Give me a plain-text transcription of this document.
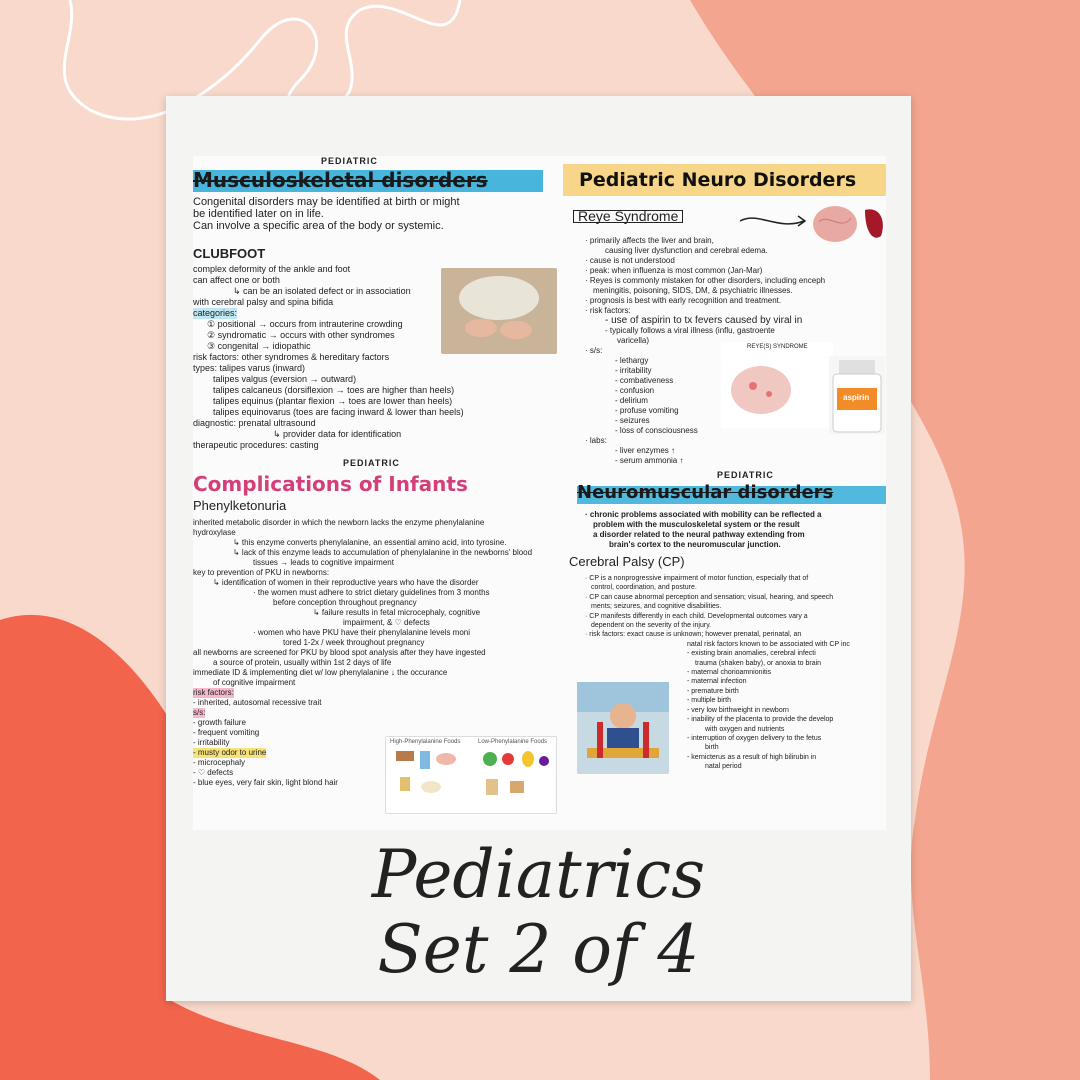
PEDIATRIC
Musculoskeletal disorders
Congenital disorders may be identified at birth or might
be identified later on in life.
Can involve a specific area of the body or systemic.
CLUBFOOT
complex deformity of the ankle and foot
can affect one or both
↳ can be an isolated defect or in association
with cerebral palsy and spina bifida
categories:
① positional → occurs from intrauterine crowding
② syndromatic → occurs with other syndromes
③ congenital → idiopathic
risk factors: other syndromes & hereditary factors
types: talipes varus (inward)
talipes valgus (eversion → outward)
talipes calcaneus (dorsiflexion → toes are higher than heels)
talipes equinus (plantar flexion → toes are lower than heels)
talipes equinovarus (toes are facing inward & lower than heels)
diagnostic: prenatal ultrasound
↳ provider data for identification
therapeutic procedures: casting
PEDIATRIC
Complications of Infants
Phenylketonuria
inherited metabolic disorder in which the newborn lacks the enzyme phenylalanine
hydroxylase
↳ this enzyme converts phenylalanine, an essential amino acid, into tyrosine.
↳ lack of this enzyme leads to accumulation of phenylalanine in the newborns' blood
tissues → leads to cognitive impairment
key to prevention of PKU in newborns:
↳ identification of women in their reproductive years who have the disorder
· the women must adhere to strict dietary guidelines from 3 months
before conception throughout pregnancy
↳ failure results in fetal microcephaly, cognitive
impairment, & ♡ defects
· women who have PKU have their phenylalanine levels moni
tored 1-2x / week throughout pregnancy
all newborns are screened for PKU by blood spot analysis after they have ingested
a source of protein, usually within 1st 2 days of life
immediate ID & implementing diet w/ low phenylalanine ↓ the occurance
of cognitive impairment
risk factors:
- inherited, autosomal recessive trait
s/s:
- growth failure
- frequent vomiting
- irritability
- musty odor to urine
- microcephaly
- ♡ defects
- blue eyes, very fair skin, light blond hair
High-Phenylalanine Foods	Low-Phenylalanine Foods
Pediatric Neuro Disorders
Reye Syndrome
· primarily affects the liver and brain,
causing liver dysfunction and cerebral edema.
· cause is not understood
· peak: when influenza is most common (Jan-Mar)
· Reyes is commonly mistaken for other disorders, including enceph
meningitis, poisoning, SIDS, DM, & psychiatric illnesses.
· prognosis is best with early recognition and treatment.
· risk factors:
- use of aspirin to tx fevers caused by viral in
- typically follows a viral illness (influ, gastroente
varicella)
· s/s:
- lethargy
- irritability
- combativeness
- confusion
- delirium
- profuse vomiting
- seizures
- loss of consciousness
· labs:
- liver enzymes ↑
- serum ammonia ↑
REYE(S) SYNDROME
aspirin
PEDIATRIC
Neuromuscular disorders
· chronic problems associated with mobility can be reflected a
problem with the musculoskeletal system or the result
a disorder related to the neural pathway extending from
brain's cortex to the neuromuscular junction.
Cerebral Palsy (CP)
· CP is a nonprogressive impairment of motor function, especially that of
control, coordination, and posture.
· CP can cause abnormal perception and sensation; visual, hearing, and speech
ments; seizures, and cognitive disabilities.
· CP manifests differently in each child. Developmental outcomes vary a
dependent on the severity of the injury.
· risk factors: exact cause is unknown; however prenatal, perinatal, an
natal risk factors known to be associated with CP inc
- existing brain anomalies, cerebral infecti
trauma (shaken baby), or anoxia to brain
- maternal chorioamnionitis
- maternal infection
- premature birth
- multiple birth
- very low birthweight in newborn
- inability of the placenta to provide the develop
with oxygen and nutrients
- interruption of oxygen delivery to the fetus
birth
- kernicterus as a result of high bilirubin in
natal period
Pediatrics
Set 2 of 4
